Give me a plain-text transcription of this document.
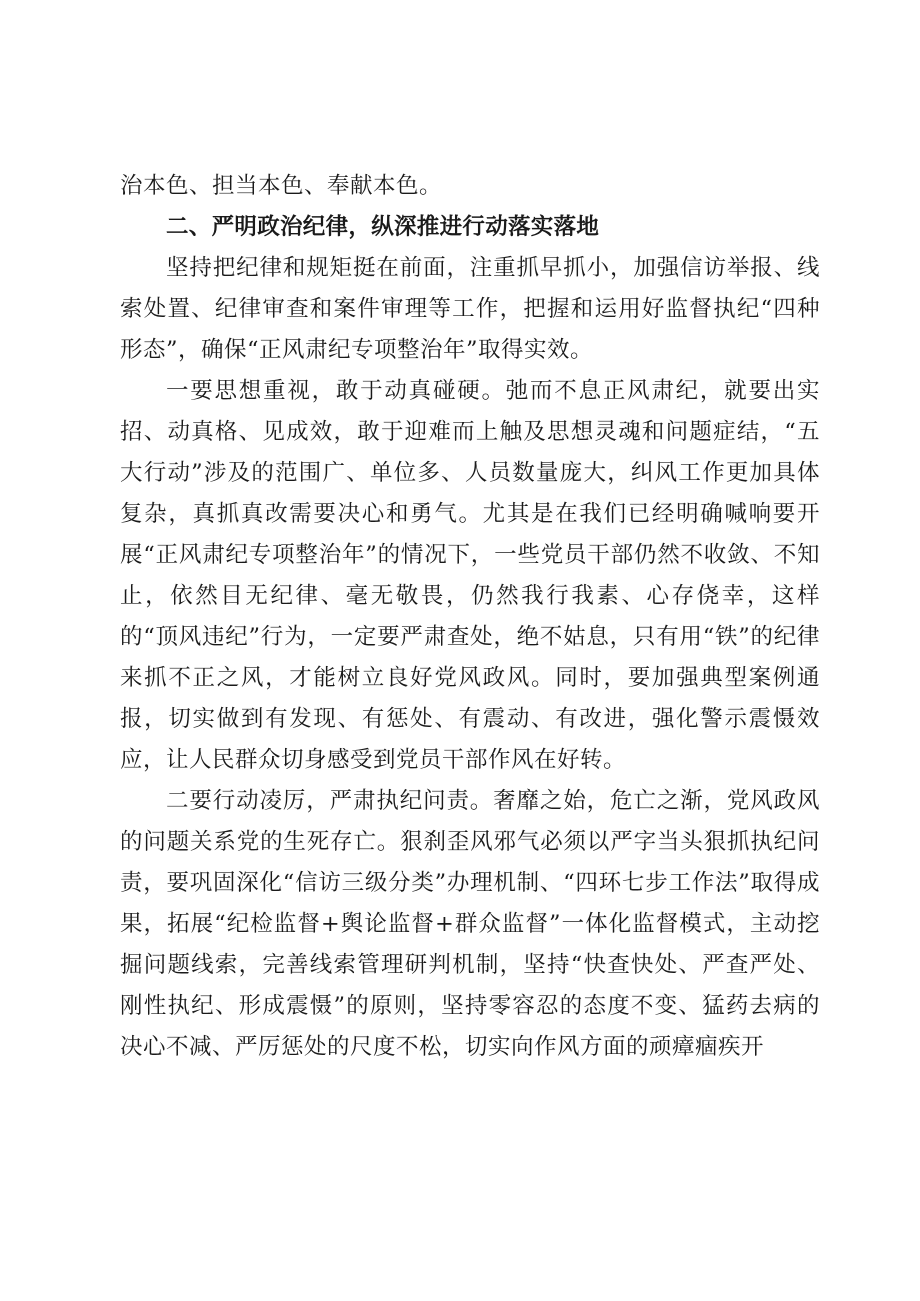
治本色、担当本色、奉献本色。

二、严明政治纪律，纵深推进行动落实落地

坚持把纪律和规矩挺在前面，注重抓早抓小，加强信访举报、线索处置、纪律审查和案件审理等工作，把握和运用好监督执纪“四种形态”，确保“正风肃纪专项整治年”取得实效。

一要思想重视，敢于动真碰硬。弛而不息正风肃纪，就要出实招、动真格、见成效，敢于迎难而上触及思想灵魂和问题症结，“五大行动”涉及的范围广、单位多、人员数量庞大，纠风工作更加具体复杂，真抓真改需要决心和勇气。尤其是在我们已经明确喊响要开展“正风肃纪专项整治年”的情况下，一些党员干部仍然不收敛、不知止，依然目无纪律、毫无敬畏，仍然我行我素、心存侥幸，这样的“顶风违纪”行为，一定要严肃查处，绝不姑息，只有用“铁”的纪律来抓不正之风，才能树立良好党风政风。同时，要加强典型案例通报，切实做到有发现、有惩处、有震动、有改进，强化警示震慑效应，让人民群众切身感受到党员干部作风在好转。

二要行动凌厉，严肃执纪问责。奢靡之始，危亡之渐，党风政风的问题关系党的生死存亡。狠刹歪风邪气必须以严字当头狠抓执纪问责，要巩固深化“信访三级分类”办理机制、“四环七步工作法”取得成果，拓展“纪检监督+舆论监督+群众监督”一体化监督模式，主动挖掘问题线索，完善线索管理研判机制，坚持“快查快处、严查严处、刚性执纪、形成震慑”的原则，坚持零容忍的态度不变、猛药去病的决心不减、严厉惩处的尺度不松，切实向作风方面的顽瘴痼疾开
